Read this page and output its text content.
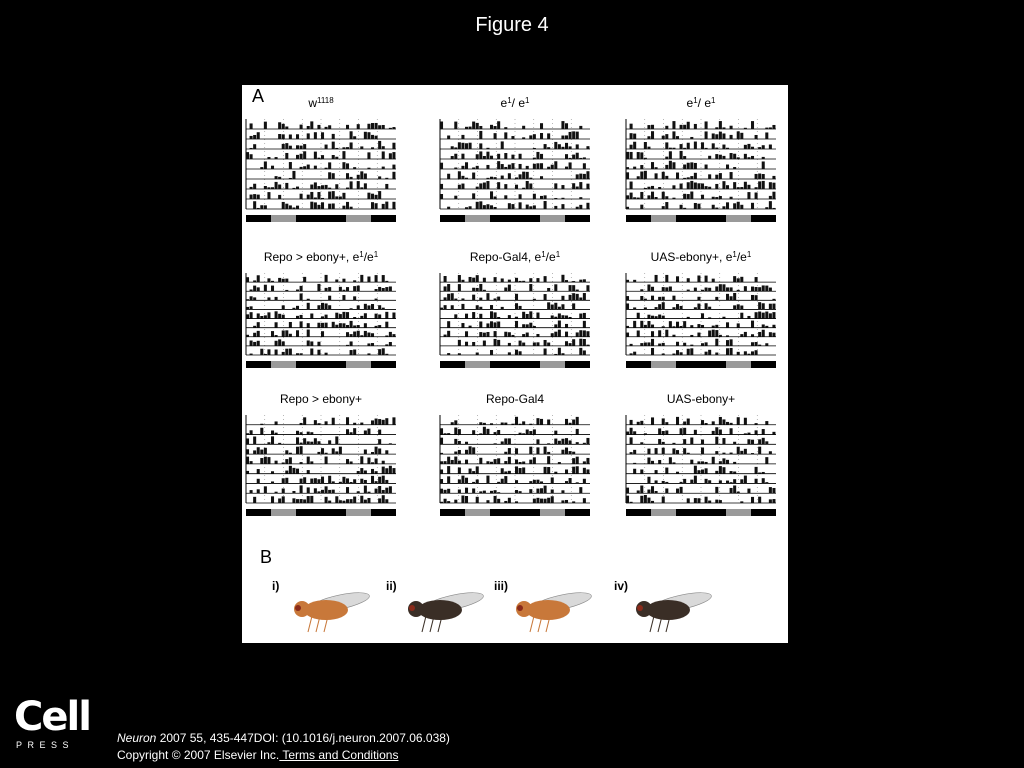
Figure 4
A	$w^{1118}$	$e^1/$ $e^1$	$e^1/$ $e^1$
Repo > ebony+, $e^1/e^1$	Repo-Gal4, $e^1/e^1$	UAS-ebony+, $e^1/e^1$
Repo > ebony+	Repo-Gal4	UAS-ebony+
B
i)	ii)	iii)	iv)
Cell
PRESS	Neuron 2007 55, 435-447DOI: (10.1016/j.neuron.2007.06.038)
Copyright © 2007 Elsevier Inc. Terms and Conditions
